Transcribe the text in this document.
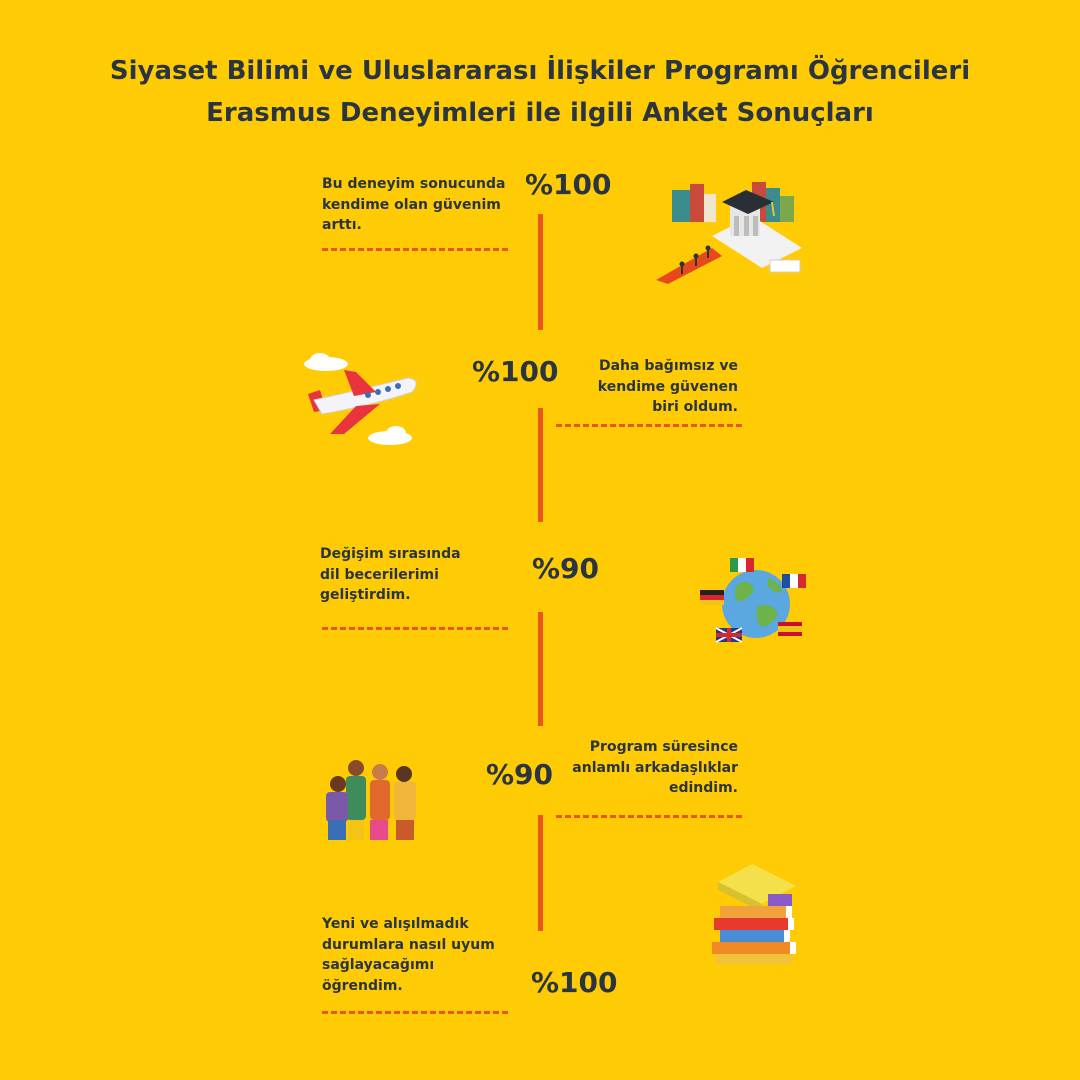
Siyaset Bilimi ve Uluslararası İlişkiler Programı Öğrencileri
Erasmus Deneyimleri ile ilgili Anket Sonuçları
Bu deneyim sonucunda
kendime olan güvenim
arttı.
%100
Daha bağımsız ve
kendime güvenen
biri oldum.
%100
Değişim sırasında
dil becerilerimi
geliştirdim.
%90
Program süresince
anlamlı arkadaşlıklar
edindim.
%90
Yeni ve alışılmadık
durumlara nasıl uyum
sağlayacağımı
öğrendim.	%100
